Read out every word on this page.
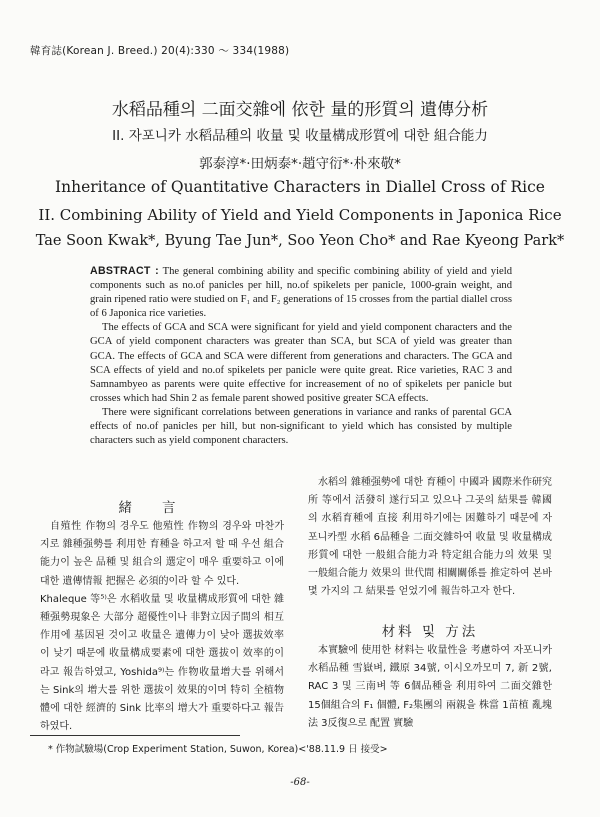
韓育誌(Korean J. Breed.) 20(4):330 ～ 334(1988)
水稻品種의 二面交雜에 依한 量的形質의 遺傳分析
II. 자포니카 水稻品種의 收量 및 收量構成形質에 대한 組合能力
郭泰淳*·田炳泰*·趙守衍*·朴來敬*
Inheritance of Quantitative Characters in Diallel Cross of Rice
II. Combining Ability of Yield and Yield Components in Japonica Rice
Tae Soon Kwak*, Byung Tae Jun*, Soo Yeon Cho* and Rae Kyeong Park*

ABSTRACT : The general combining ability and specific combining ability of yield and yield components such as no.of panicles per hill, no.of spikelets per panicle, 1000-grain weight, and grain ripened ratio were studied on F₁ and F₂ generations of 15 crosses from the partial diallel cross of 6 Japonica rice varieties.

The effects of GCA and SCA were significant for yield and yield component characters and the GCA of yield component characters was greater than SCA, but SCA of yield was greater than GCA. The effects of GCA and SCA were different from generations and characters. The GCA and SCA effects of yield and no.of spikelets per panicle were quite great. Rice varieties, RAC 3 and Samnambyeo as parents were quite effective for increasement of no of spikelets per panicle but crosses which had Shin 2 as female parent showed positive greater SCA effects.

There were significant correlations between generations in variance and ranks of parental GCA effects of no.of panicles per hill, but non-significant to yield which has consisted by multiple characters such as yield component characters.

緒言

自殖性 作物의 경우도 他殖性 作物의 경우와 마찬가지로 雜種强勢를 利用한 育種을 하고저 할 때 우선 組合能力이 높은 品種 및 組合의 選定이 매우 重要하고 이에 대한 遺傳情報 把握은 必須的이라 할 수 있다.

Khaleque 等⁵⁾은 水稻收量 및 收量構成形質에 대한 雜種强勢現象은 大部分 超優性이나 非對立因子間의 相互作用에 基因된 것이고 收量은 遺傳力이 낮아 選拔效率이 낮기 때문에 收量構成要素에 대한 選拔이 效率的이라고 報告하였고, Yoshida⁹⁾는 作物收量增大를 위해서는 Sink의 增大를 위한 選拔이 效果的이며 特히 全植物體에 대한 經濟的 Sink 比率의 增大가 重要하다고 報告하였다.

水稻의 雜種强勢에 대한 育種이 中國과 國際米作研究所 等에서 活發히 遂行되고 있으나 그곳의 結果를 韓國의 水稻育種에 直接 利用하기에는 困難하기 때문에 자포니카型 水稻 6品種을 二面交雜하여 收量 및 收量構成形質에 대한 一般組合能力과 特定組合能力의 效果 및 一般組合能力 效果의 世代間 相關關係를 推定하여 본바 몇 가지의 그 結果를 얻었기에 報告하고자 한다.

材料 및 方法

本實驗에 使用한 材料는 收量性을 考慮하여 자포니카 水稻品種 雪嶽벼, 鐵原 34號, 이시오까모미 7, 新 2號, RAC 3 및 三南벼 等 6個品種을 利用하여 二面交雜한 15個組合의 F₁ 個體, F₂集團의 兩親을 株當 1苗植 亂塊法 3反復으로 配置 實驗

* 作物試驗場(Crop Experiment Station, Suwon, Korea)<'88.11.9 日 接受>
-68-
